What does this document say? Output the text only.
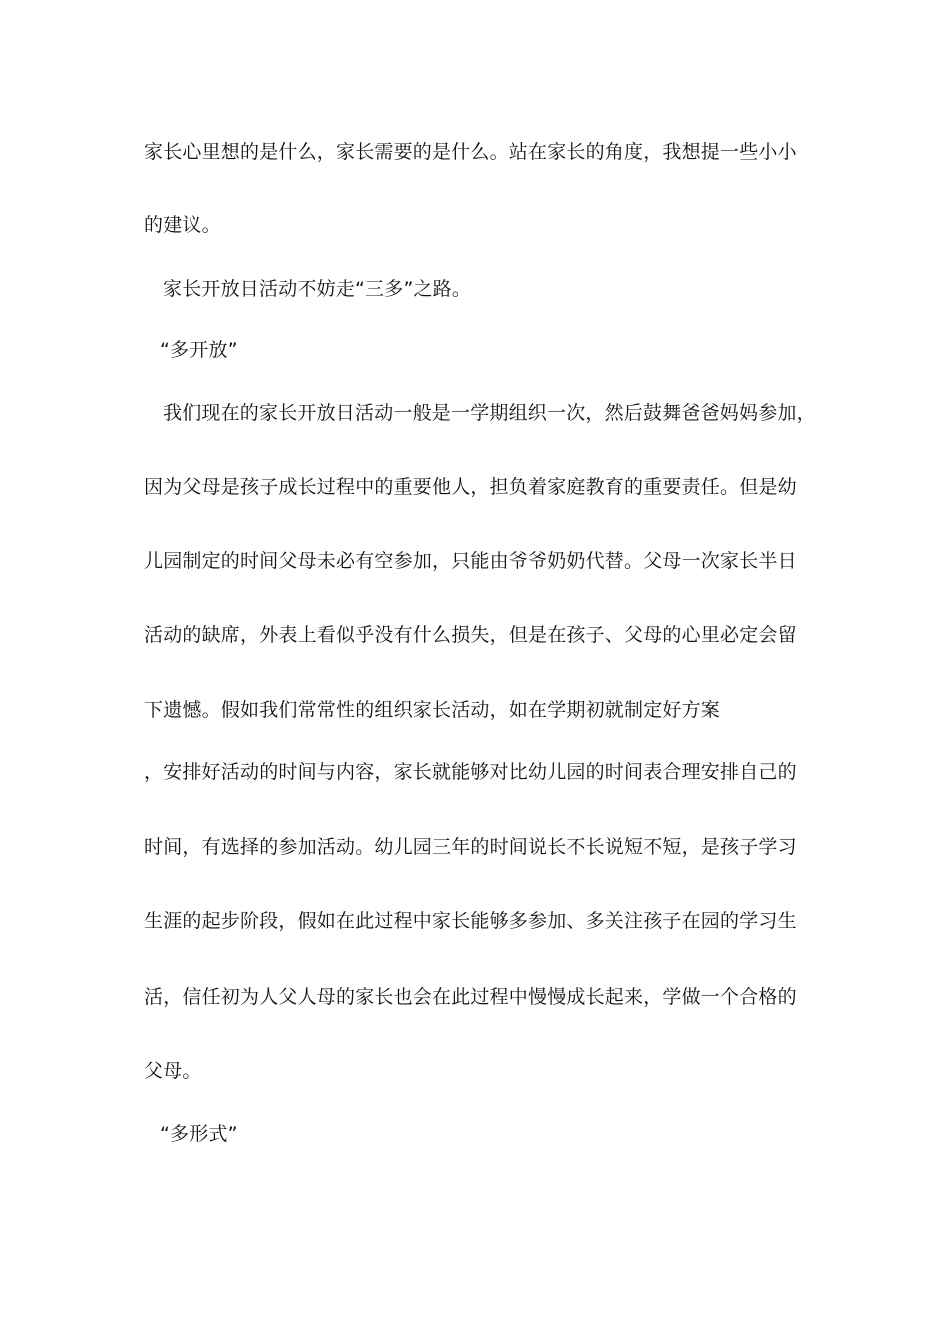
家长心里想的是什么，家长需要的是什么。站在家长的角度，我想提一些小小
的建议。
家长开放日活动不妨走“三多”之路。
“多开放”
我们现在的家长开放日活动一般是一学期组织一次，然后鼓舞爸爸妈妈参加，
因为父母是孩子成长过程中的重要他人，担负着家庭教育的重要责任。但是幼
儿园制定的时间父母未必有空参加，只能由爷爷奶奶代替。父母一次家长半日
活动的缺席，外表上看似乎没有什么损失，但是在孩子、父母的心里必定会留
下遗憾。假如我们常常性的组织家长活动，如在学期初就制定好方案
，安排好活动的时间与内容，家长就能够对比幼儿园的时间表合理安排自己的
时间，有选择的参加活动。幼儿园三年的时间说长不长说短不短，是孩子学习
生涯的起步阶段，假如在此过程中家长能够多参加、多关注孩子在园的学习生
活，信任初为人父人母的家长也会在此过程中慢慢成长起来，学做一个合格的
父母。
“多形式”
